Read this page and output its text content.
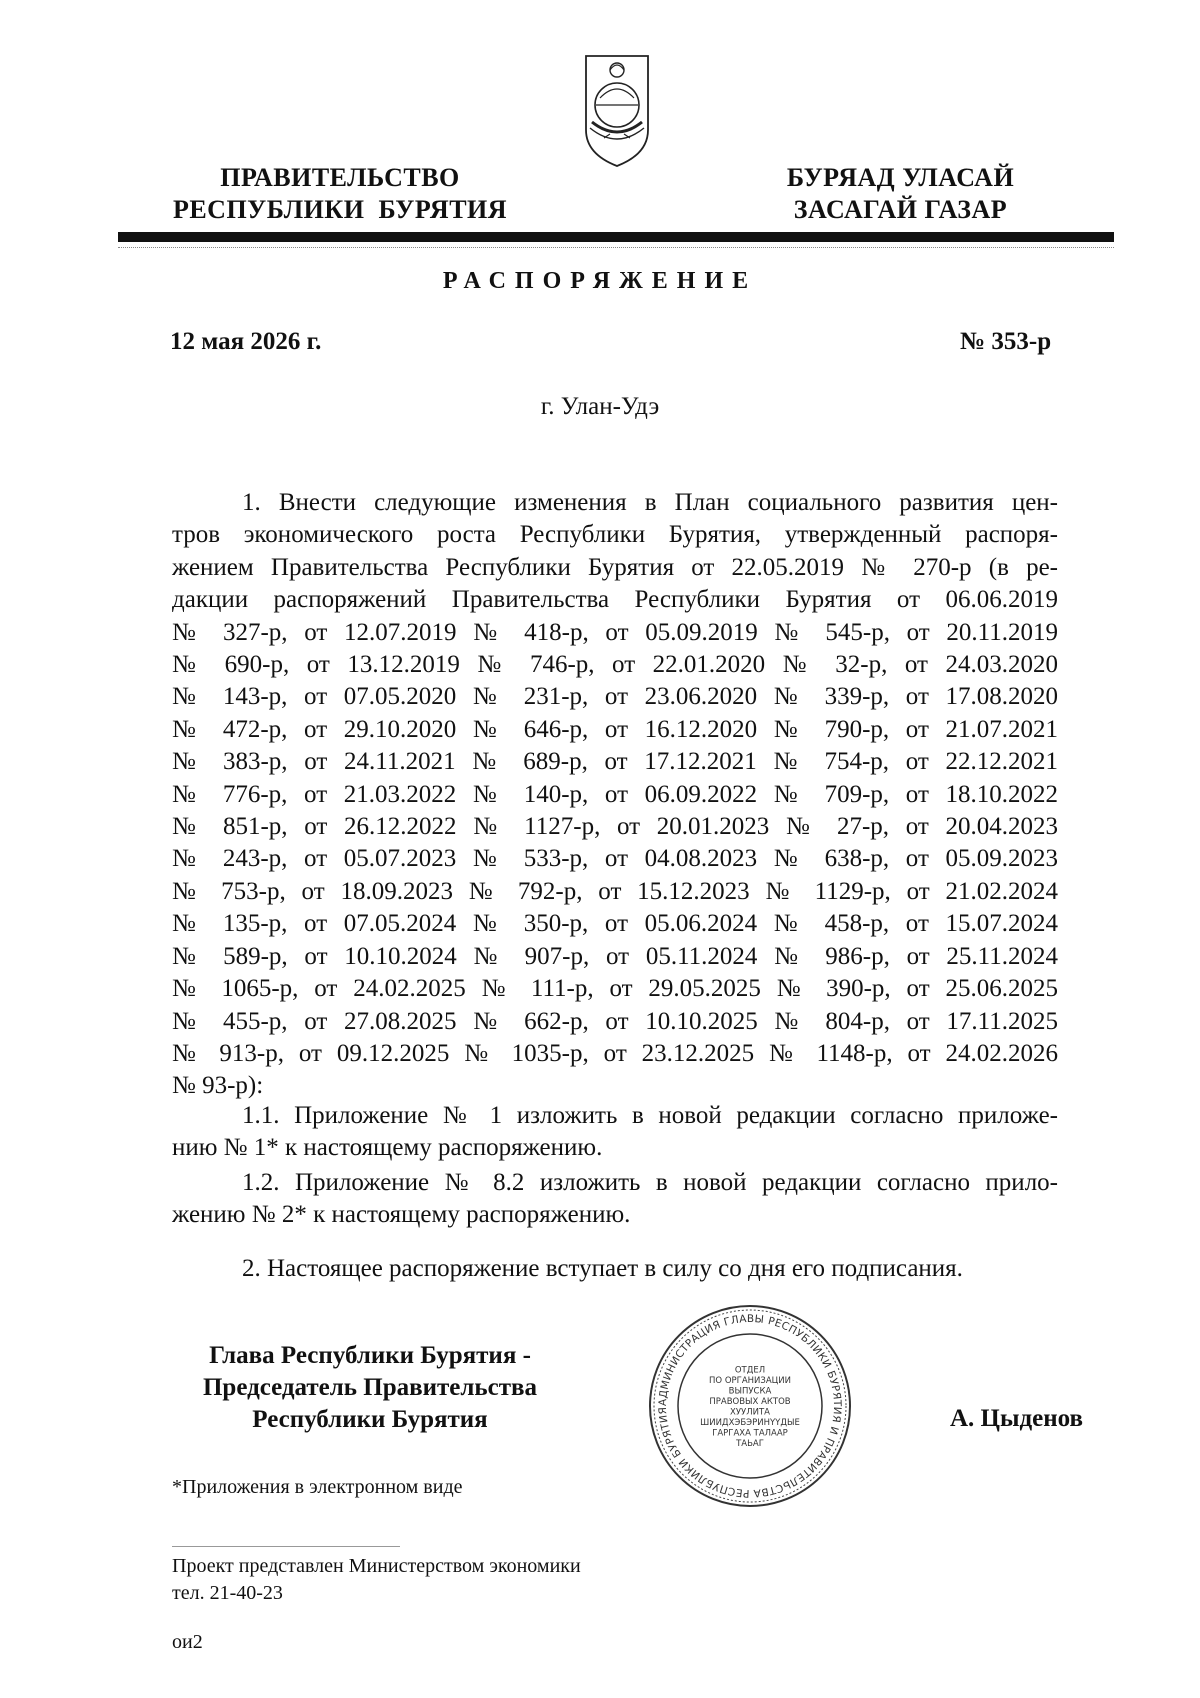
ПРАВИТЕЛЬСТВО
РЕСПУБЛИКИ  БУРЯТИЯ
БУРЯАД УЛАСАЙ
ЗАСАГАЙ ГАЗАР
РАСПОРЯЖЕНИЕ
12 мая 2026 г.	№ 353-р
г. Улан-Удэ
1. Внести следующие изменения в План социального развития цен-
тров экономического роста Республики Бурятия, утвержденный распоря-
жением Правительства Республики Бурятия от 22.05.2019 № 270-р (в ре-
дакции распоряжений Правительства Республики Бурятия от 06.06.2019
№ 327-р, от 12.07.2019 № 418-р, от 05.09.2019 № 545-р, от 20.11.2019
№ 690-р, от 13.12.2019 № 746-р, от 22.01.2020 № 32-р, от 24.03.2020
№ 143-р, от 07.05.2020 № 231-р, от 23.06.2020 № 339-р, от 17.08.2020
№ 472-р, от 29.10.2020 № 646-р, от 16.12.2020 № 790-р, от 21.07.2021
№ 383-р, от 24.11.2021 № 689-р, от 17.12.2021 № 754-р, от 22.12.2021
№ 776-р, от 21.03.2022 № 140-р, от 06.09.2022 № 709-р, от 18.10.2022
№ 851-р, от 26.12.2022 № 1127-р, от 20.01.2023 № 27-р, от 20.04.2023
№ 243-р, от 05.07.2023 № 533-р, от 04.08.2023 № 638-р, от 05.09.2023
№ 753-р, от 18.09.2023 № 792-р, от 15.12.2023 № 1129-р, от 21.02.2024
№ 135-р, от 07.05.2024 № 350-р, от 05.06.2024 № 458-р, от 15.07.2024
№ 589-р, от 10.10.2024 № 907-р, от 05.11.2024 № 986-р, от 25.11.2024
№ 1065-р, от 24.02.2025 № 111-р, от 29.05.2025 № 390-р, от 25.06.2025
№ 455-р, от 27.08.2025 № 662-р, от 10.10.2025 № 804-р, от 17.11.2025
№ 913-р, от 09.12.2025 № 1035-р, от 23.12.2025 № 1148-р, от 24.02.2026
№ 93-р):
1.1. Приложение № 1 изложить в новой редакции согласно приложе-
нию № 1* к настоящему распоряжению.
1.2. Приложение № 8.2 изложить в новой редакции согласно прило-
жению № 2* к настоящему распоряжению.
2. Настоящее распоряжение вступает в силу со дня его подписания.
Глава Республики Бурятия -
Председатель Правительства
Республики Бурятия
АДМИНИСТРАЦИЯ ГЛАВЫ РЕСПУБЛИКИ БУРЯТИЯ И ПРАВИТЕЛЬСТВА РЕСПУБЛИКИ БУРЯТИЯ
ОТДЕЛ
ПО ОРГАНИЗАЦИИ
ВЫПУСКА
ПРАВОВЫХ АКТОВ
ХУУЛИТА
ШИИДХЭБЭРИНҮҮДЫЕ
ГАРГАХА ТАЛААР
ТАЬАГ
А. Цыденов
*Приложения в электронном виде
Проект представлен Министерством экономики
тел. 21-40-23
ои2
